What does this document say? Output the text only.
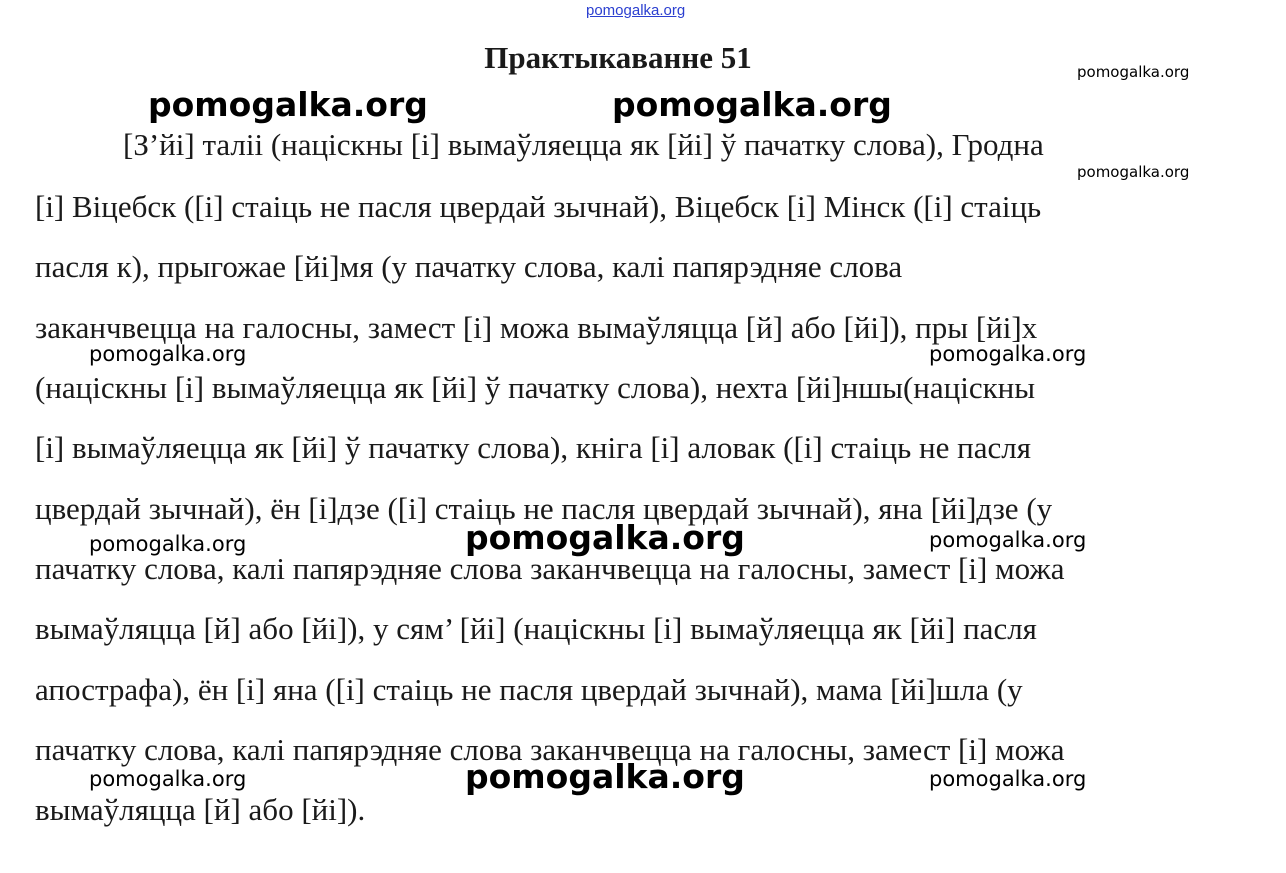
pomogalka.org
Практыкаванне 51
[З’йі] таліі (націскны [і] вымаўляецца як [йі] ў пачатку слова), Гродна
[і] Віцебск ([і] стаіць не пасля цвердай зычнай), Віцебск [і] Мінск ([і] стаіць
пасля к), прыгожае [йі]мя (у пачатку слова, калі папярэдняе слова
заканчвецца на галосны, замест [і] можа вымаўляцца [й] або [йі]), пры [йі]х
(націскны [і] вымаўляецца як [йі] ў пачатку слова), нехта [йі]ншы(націскны
[і] вымаўляецца як [йі] ў пачатку слова), кніга [і] аловак ([і] стаіць не пасля
цвердай зычнай), ён [і]дзе ([і] стаіць не пасля цвердай зычнай), яна [йі]дзе (у
пачатку слова, калі папярэдняе слова заканчвецца на галосны, замест [і] можа
вымаўляцца [й] або [йі]), у сям’ [йі] (націскны [і] вымаўляецца як [йі] пасля
апострафа), ён [і] яна ([і] стаіць не пасля цвердай зычнай), мама [йі]шла (у
пачатку слова, калі папярэдняе слова заканчвецца на галосны, замест [і] можа
вымаўляцца [й] або [йі]).
pomogalka.org	pomogalka.org
pomogalka.org
pomogalka.org
pomogalka.org	pomogalka.org
pomogalka.org	pomogalka.org	pomogalka.org
pomogalka.org	pomogalka.org	pomogalka.org
